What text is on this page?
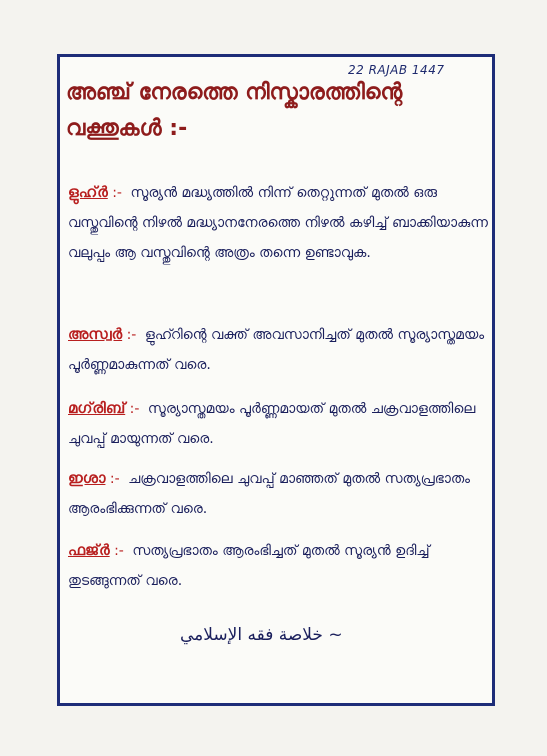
22 RAJAB 1447
അഞ്ച് നേരത്തെ നിസ്കാരത്തിന്റെ വക്തുകൾ :-

ളുഹ്ർ :- സൂര്യൻ മദ്ധ്യത്തിൽ നിന്ന് തെറ്റുന്നത് മുതൽ ഒരു വസ്തുവിന്റെ നിഴൽ മദ്ധ്യാനനേരത്തെ നിഴൽ കഴിച്ച് ബാക്കിയാകുന്ന വലുപ്പം ആ വസ്തുവിന്റെ അത്രം തന്നെ ഉണ്ടാവുക.

അസ്വർ :- ളുഹ്റിന്റെ വക്ത് അവസാനിച്ചത് മുതൽ സൂര്യാസ്തമയം പൂർണ്ണമാകുന്നത് വരെ.

മഗ്‌രിബ് :- സൂര്യാസ്തമയം പൂർണ്ണമായത് മുതൽ ചക്രവാളത്തിലെ ചുവപ്പ് മായുന്നത് വരെ.

ഇശാ :- ചക്രവാളത്തിലെ ചുവപ്പ് മാഞ്ഞത് മുതൽ സത്യപ്രഭാതം ആരംഭിക്കുന്നത് വരെ.

ഫജ്ർ :- സത്യപ്രഭാതം ആരംഭിച്ചത് മുതൽ സൂര്യൻ ഉദിച്ച് തുടങ്ങുന്നത് വരെ.

~ خلاصة فقه الإسلامي
